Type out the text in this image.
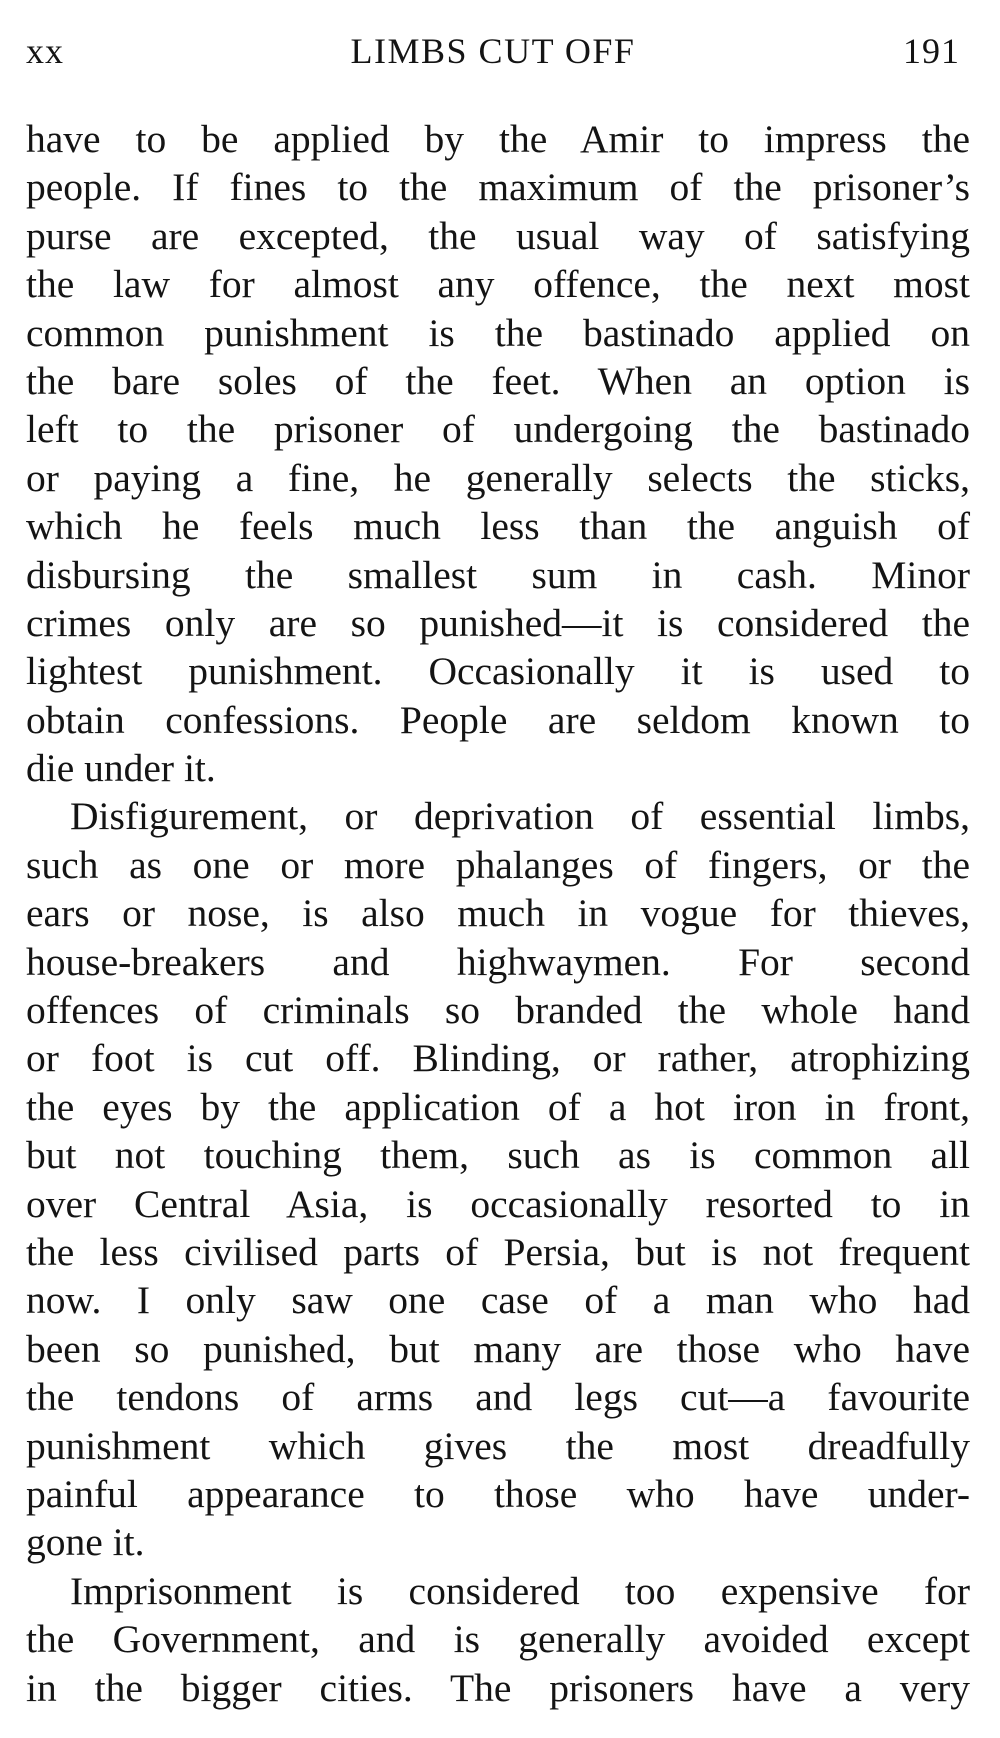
xx	LIMBS CUT OFF	191
have to be applied by the Amir to impress the
people. If fines to the maximum of the prisoner’s
purse are excepted, the usual way of satisfying
the law for almost any offence, the next most
common punishment is the bastinado applied on
the bare soles of the feet. When an option is
left to the prisoner of undergoing the bastinado
or paying a fine, he generally selects the sticks,
which he feels much less than the anguish of
disbursing the smallest sum in cash. Minor
crimes only are so punished—it is considered the
lightest punishment. Occasionally it is used to
obtain confessions. People are seldom known to
die under it.
Disfigurement, or deprivation of essential limbs,
such as one or more phalanges of fingers, or the
ears or nose, is also much in vogue for thieves,
house-breakers and highwaymen. For second
offences of criminals so branded the whole hand
or foot is cut off. Blinding, or rather, atrophizing
the eyes by the application of a hot iron in front,
but not touching them, such as is common all
over Central Asia, is occasionally resorted to in
the less civilised parts of Persia, but is not frequent
now. I only saw one case of a man who had
been so punished, but many are those who have
the tendons of arms and legs cut—a favourite
punishment which gives the most dreadfully
painful appearance to those who have under-
gone it.
Imprisonment is considered too expensive for
the Government, and is generally avoided except
in the bigger cities. The prisoners have a very
